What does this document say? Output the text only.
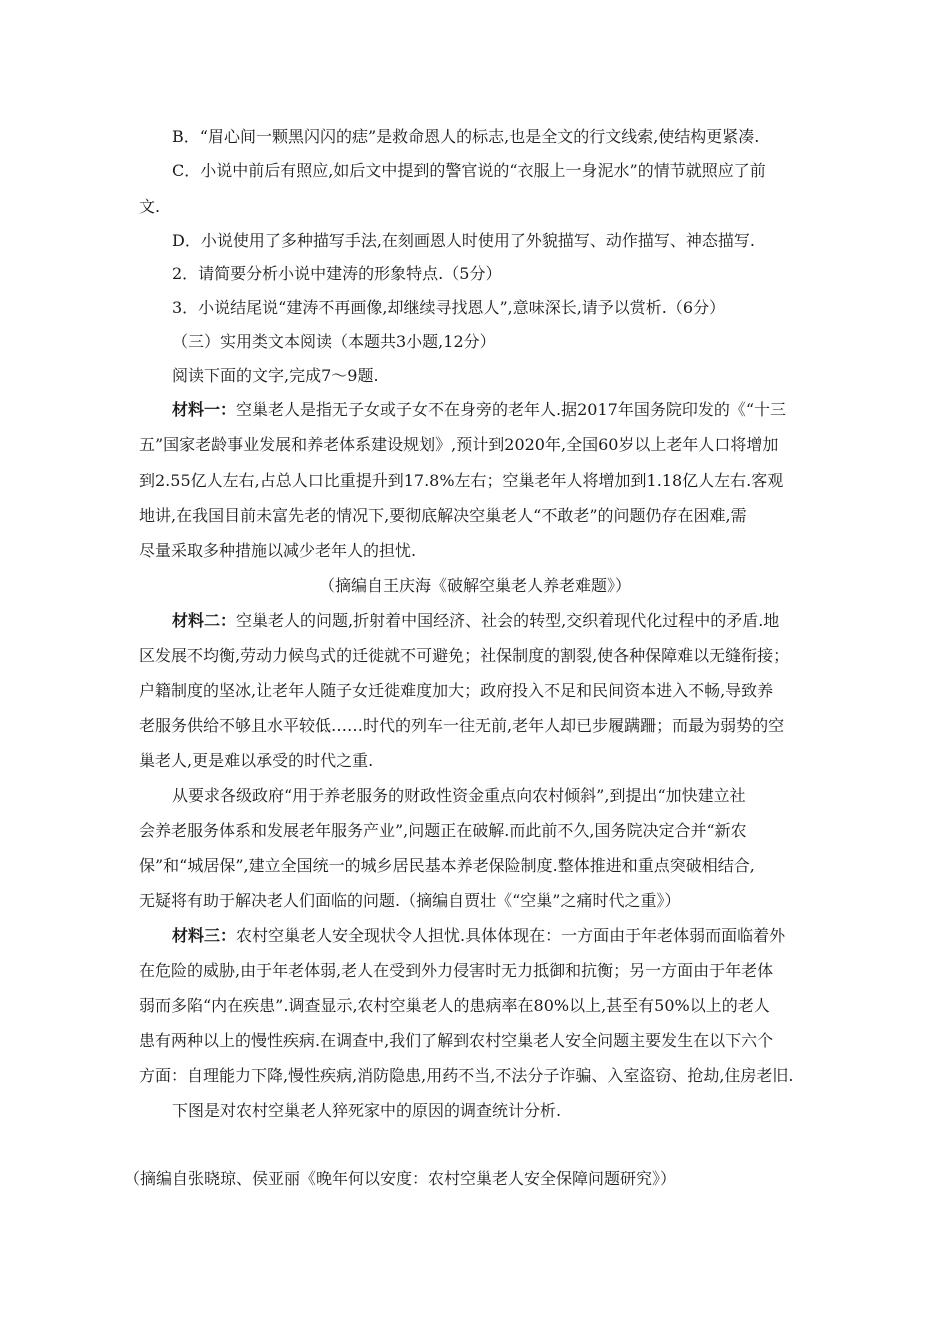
B．“眉心间一颗黑闪闪的痣”是救命恩人的标志,也是全文的行文线索,使结构更紧凑.
C．小说中前后有照应,如后文中提到的警官说的“衣服上一身泥水”的情节就照应了前
文.
D．小说使用了多种描写手法,在刻画恩人时使用了外貌描写、动作描写、神态描写.
2．请简要分析小说中建涛的形象特点.（5分）
3．小说结尾说“建涛不再画像,却继续寻找恩人”,意味深长,请予以赏析.（6分）
（三）实用类文本阅读（本题共3小题,12分）
阅读下面的文字,完成7～9题.
材料一：空巢老人是指无子女或子女不在身旁的老年人.据2017年国务院印发的《“十三
五”国家老龄事业发展和养老体系建设规划》,预计到2020年,全国60岁以上老年人口将增加
到2.55亿人左右,占总人口比重提升到17.8%左右；空巢老年人将增加到1.18亿人左右.客观
地讲,在我国目前未富先老的情况下,要彻底解决空巢老人“不敢老”的问题仍存在困难,需
尽量采取多种措施以减少老年人的担忧.
（摘编自王庆海《破解空巢老人养老难题》）
材料二：空巢老人的问题,折射着中国经济、社会的转型,交织着现代化过程中的矛盾.地
区发展不均衡,劳动力候鸟式的迁徙就不可避免；社保制度的割裂,使各种保障难以无缝衔接；
户籍制度的坚冰,让老年人随子女迁徙难度加大；政府投入不足和民间资本进入不畅,导致养
老服务供给不够且水平较低……时代的列车一往无前,老年人却已步履蹒跚；而最为弱势的空
巢老人,更是难以承受的时代之重.
从要求各级政府“用于养老服务的财政性资金重点向农村倾斜”,到提出“加快建立社
会养老服务体系和发展老年服务产业”,问题正在破解.而此前不久,国务院决定合并“新农
保”和“城居保”,建立全国统一的城乡居民基本养老保险制度.整体推进和重点突破相结合,
无疑将有助于解决老人们面临的问题.（摘编自贾壮《“空巢”之痛时代之重》）
材料三：农村空巢老人安全现状令人担忧.具体体现在：一方面由于年老体弱而面临着外
在危险的威胁,由于年老体弱,老人在受到外力侵害时无力抵御和抗衡；另一方面由于年老体
弱而多陷“内在疾患”.调查显示,农村空巢老人的患病率在80%以上,甚至有50%以上的老人
患有两种以上的慢性疾病.在调查中,我们了解到农村空巢老人安全问题主要发生在以下六个
方面：自理能力下降,慢性疾病,消防隐患,用药不当,不法分子诈骗、入室盗窃、抢劫,住房老旧.
下图是对农村空巢老人猝死家中的原因的调查统计分析.
（摘编自张晓琼、侯亚丽《晚年何以安度：农村空巢老人安全保障问题研究》）
